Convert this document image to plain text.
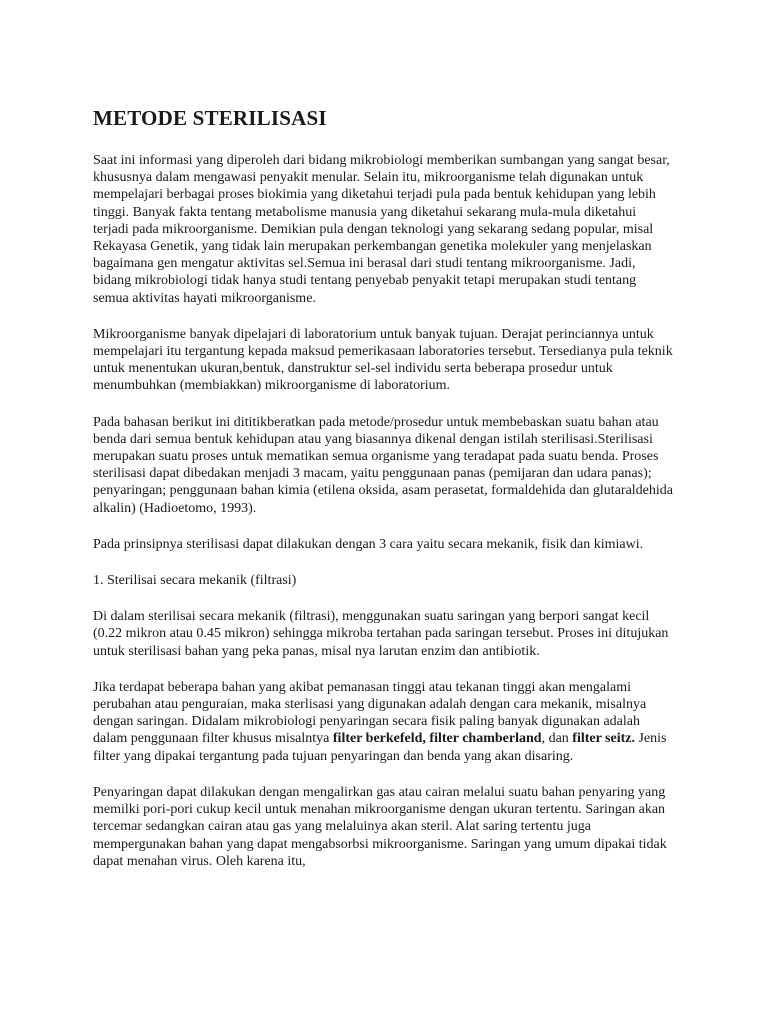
METODE STERILISASI

Saat ini informasi yang diperoleh dari bidang mikrobiologi memberikan sumbangan yang sangat besar, khususnya dalam mengawasi penyakit menular. Selain itu, mikroorganisme telah digunakan untuk mempelajari berbagai proses biokimia yang diketahui terjadi pula pada bentuk kehidupan yang lebih tinggi. Banyak fakta tentang metabolisme manusia yang diketahui sekarang mula-mula diketahui terjadi pada mikroorganisme. Demikian pula dengan teknologi yang sekarang sedang popular, misal Rekayasa Genetik, yang tidak lain merupakan perkembangan genetika molekuler yang menjelaskan bagaimana gen mengatur aktivitas sel.Semua ini berasal dari studi tentang mikroorganisme. Jadi, bidang mikrobiologi tidak hanya studi tentang penyebab penyakit tetapi merupakan studi tentang semua aktivitas hayati mikroorganisme.

Mikroorganisme banyak dipelajari di laboratorium untuk banyak tujuan. Derajat perinciannya untuk mempelajari itu tergantung kepada maksud pemerikasaan laboratories tersebut. Tersedianya pula teknik untuk menentukan ukuran,bentuk, danstruktur sel-sel individu serta beberapa prosedur untuk menumbuhkan (membiakkan) mikroorganisme di laboratorium.

Pada bahasan berikut ini dititikberatkan pada metode/prosedur untuk membebaskan suatu bahan atau benda dari semua bentuk kehidupan atau yang biasannya dikenal dengan istilah sterilisasi.Sterilisasi merupakan suatu proses untuk mematikan semua organisme yang teradapat pada suatu benda. Proses sterilisasi dapat dibedakan menjadi 3 macam, yaitu penggunaan panas (pemijaran dan udara panas); penyaringan; penggunaan bahan kimia (etilena oksida, asam perasetat, formaldehida dan glutaraldehida alkalin) (Hadioetomo, 1993).

Pada prinsipnya sterilisasi dapat dilakukan dengan 3 cara yaitu secara mekanik, fisik dan kimiawi.

1. Sterilisai secara mekanik (filtrasi)

Di dalam sterilisai secara mekanik (filtrasi), menggunakan suatu saringan yang berpori sangat kecil (0.22 mikron atau 0.45 mikron) sehingga mikroba tertahan pada saringan tersebut. Proses ini ditujukan untuk sterilisasi bahan yang peka panas, misal nya larutan enzim dan antibiotik.

Jika terdapat beberapa bahan yang akibat pemanasan tinggi atau tekanan tinggi akan mengalami perubahan atau penguraian, maka sterlisasi yang digunakan adalah dengan cara mekanik, misalnya dengan saringan. Didalam mikrobiologi penyaringan secara fisik paling banyak digunakan adalah dalam penggunaan filter khusus misalntya filter berkefeld, filter chamberland, dan filter seitz. Jenis filter yang dipakai tergantung pada tujuan penyaringan dan benda yang akan disaring.

Penyaringan dapat dilakukan dengan mengalirkan gas atau cairan melalui suatu bahan penyaring yang memilki pori-pori cukup kecil untuk menahan mikroorganisme dengan ukuran tertentu. Saringan akan tercemar sedangkan cairan atau gas yang melaluinya akan steril. Alat saring tertentu juga mempergunakan bahan yang dapat mengabsorbsi mikroorganisme. Saringan yang umum dipakai tidak dapat menahan virus. Oleh karena itu,
